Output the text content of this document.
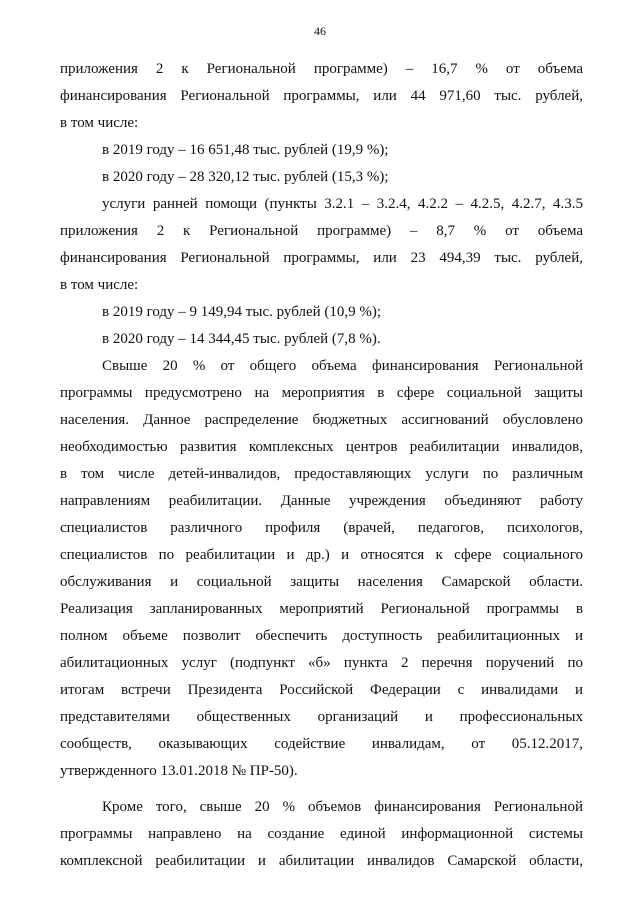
46
приложения 2 к Региональной программе) – 16,7 % от объема
финансирования Региональной программы, или 44 971,60 тыс. рублей,
в том числе:
в 2019 году – 16 651,48 тыс. рублей (19,9 %);
в 2020 году – 28 320,12 тыс. рублей (15,3 %);
услуги ранней помощи (пункты 3.2.1 – 3.2.4, 4.2.2 – 4.2.5, 4.2.7, 4.3.5
приложения 2 к Региональной программе) – 8,7 % от объема
финансирования Региональной программы, или 23 494,39 тыс. рублей,
в том числе:
в 2019 году – 9 149,94 тыс. рублей (10,9 %);
в 2020 году – 14 344,45 тыс. рублей (7,8 %).
Свыше 20 % от общего объема финансирования Региональной
программы предусмотрено на мероприятия в сфере социальной защиты
населения. Данное распределение бюджетных ассигнований обусловлено
необходимостью развития комплексных центров реабилитации инвалидов,
в том числе детей-инвалидов, предоставляющих услуги по различным
направлениям реабилитации. Данные учреждения объединяют работу
специалистов различного профиля (врачей, педагогов, психологов,
специалистов по реабилитации и др.) и относятся к сфере социального
обслуживания и социальной защиты населения Самарской области.
Реализация запланированных мероприятий Региональной программы в
полном объеме позволит обеспечить доступность реабилитационных и
абилитационных услуг (подпункт «б» пункта 2 перечня поручений по
итогам встречи Президента Российской Федерации с инвалидами и
представителями общественных организаций и профессиональных
сообществ, оказывающих содействие инвалидам, от 05.12.2017,
утвержденного 13.01.2018 № ПР-50).
Кроме того, свыше 20 % объемов финансирования Региональной
программы направлено на создание единой информационной системы
комплексной реабилитации и абилитации инвалидов Самарской области,
